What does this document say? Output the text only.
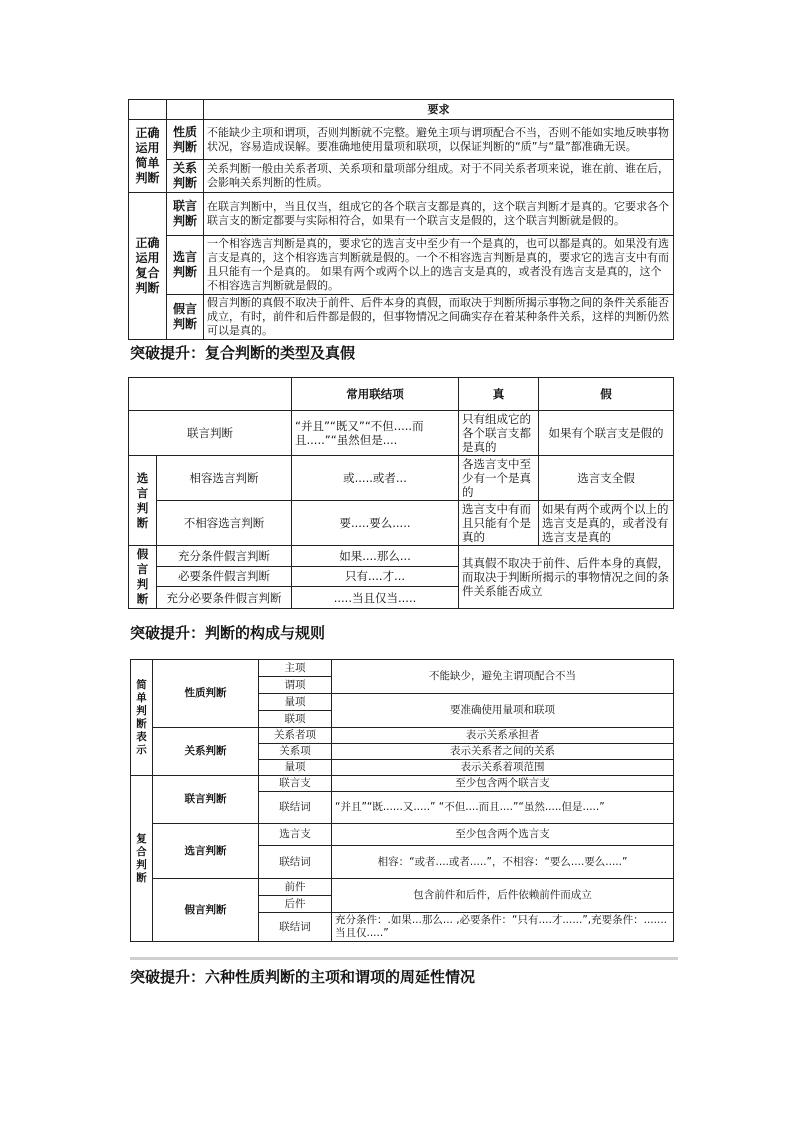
		要求
正确运用简单判断	性质判断	不能缺少主项和谓项，否则判断就不完整。避免主项与谓项配合不当，否则不能如实地反映事物状况，容易造成误解。要准确地使用量项和联项，以保证判断的“质”与“量”都准确无误。
	关系判断	关系判断一般由关系者项、关系项和量项部分组成。对于不同关系者项来说，谁在前、谁在后，会影响关系判断的性质。
正确运用复合判断	联言判断	在联言判断中，当且仅当，组成它的各个联言支都是真的，这个联言判断才是真的。它要求各个联言支的断定都要与实际相符合，如果有一个联言支是假的，这个联言判断就是假的。
	选言判断	一个相容选言判断是真的，要求它的选言支中至少有一个是真的，也可以都是真的。如果没有选言支是真的，这个相容选言判断就是假的。一个不相容选言判断是真的，要求它的选言支中有而且只能有一个是真的。 如果有两个或两个以上的选言支是真的，或者没有选言支是真的，这个不相容选言判断就是假的。
	假言判断	假言判断的真假不取决于前件、后件本身的真假，而取决于判断所揭示事物之间的条件关系能否成立，有时，前件和后件都是假的，但事物情况之间确实存在着某种条件关系，这样的判断仍然可以是真的。
突破提升：复合判断的类型及真假
		常用联结项	真	假
联言判断		“并且”“既又”“不但.....而且.....”“虽然但是....	只有组成它的各个联言支都是真的	如果有个联言支是假的
选言判断	相容选言判断	或.....或者...	各选言支中至少有一个是真的	选言支全假
	不相容选言判断	要.....要么.....	选言支中有而且只能有个是真的	如果有两个或两个以上的选言支是真的，或者没有选言支是真的
假言判断	充分条件假言判断	如果....那么...	其真假不取决于前件、后件本身的真假，而取决于判断所揭示的事物情况之间的条件关系能否成立	
	必要条件假言判断	只有....才...		
	充分必要条件假言判断	.....当且仅当.....		
突破提升：判断的构成与规则
简单判断表示	性质判断	主项	不能缺少，避免主谓项配合不当
		谓项	
		量项	要准确使用量项和联项
		联项	
	关系判断	关系者项	表示关系承担者
		关系项	表示关系者之间的关系
		量项	表示关系着项范围
复合判断	联言判断	联言支	至少包含两个联言支
		联结词	“并且”“既......又.....” “不但....而且....”“虽然.....但是.....”
	选言判断	选言支	至少包含两个选言支
		联结词	相容：“或者....或者.....”，不相容：“要么....要么.....”
	假言判断	前件	包含前件和后件，后件依赖前件而成立
		后件	
		联结词	充分条件：.如果...那么... ,必要条件：“只有....才......”,充要条件：.......当且仅.....”
突破提升：六种性质判断的主项和谓项的周延性情况
